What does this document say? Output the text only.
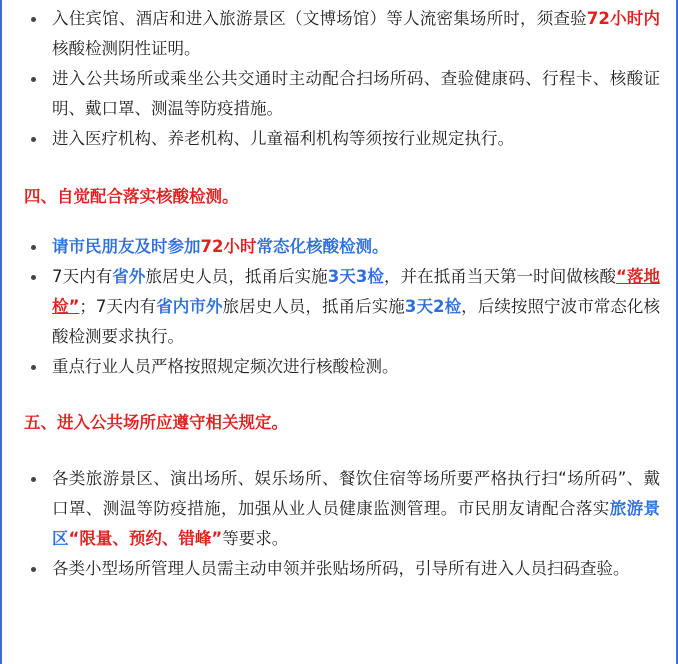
入住宾馆、酒店和进入旅游景区（文博场馆）等人流密集场所时，须查验72小时内核酸检测阴性证明。
进入公共场所或乘坐公共交通时主动配合扫场所码、查验健康码、行程卡、核酸证明、戴口罩、测温等防疫措施。
进入医疗机构、养老机构、儿童福利机构等须按行业规定执行。

四、自觉配合落实核酸检测。

请市民朋友及时参加72小时常态化核酸检测。
7天内有省外旅居史人员，抵甬后实施3天3检，并在抵甬当天第一时间做核酸“落地检”；7天内有省内市外旅居史人员，抵甬后实施3天2检，后续按照宁波市常态化核酸检测要求执行。
重点行业人员严格按照规定频次进行核酸检测。

五、进入公共场所应遵守相关规定。

各类旅游景区、演出场所、娱乐场所、餐饮住宿等场所要严格执行扫“场所码”、戴口罩、测温等防疫措施，加强从业人员健康监测管理。市民朋友请配合落实旅游景区“限量、预约、错峰”等要求。
各类小型场所管理人员需主动申领并张贴场所码，引导所有进入人员扫码查验。
